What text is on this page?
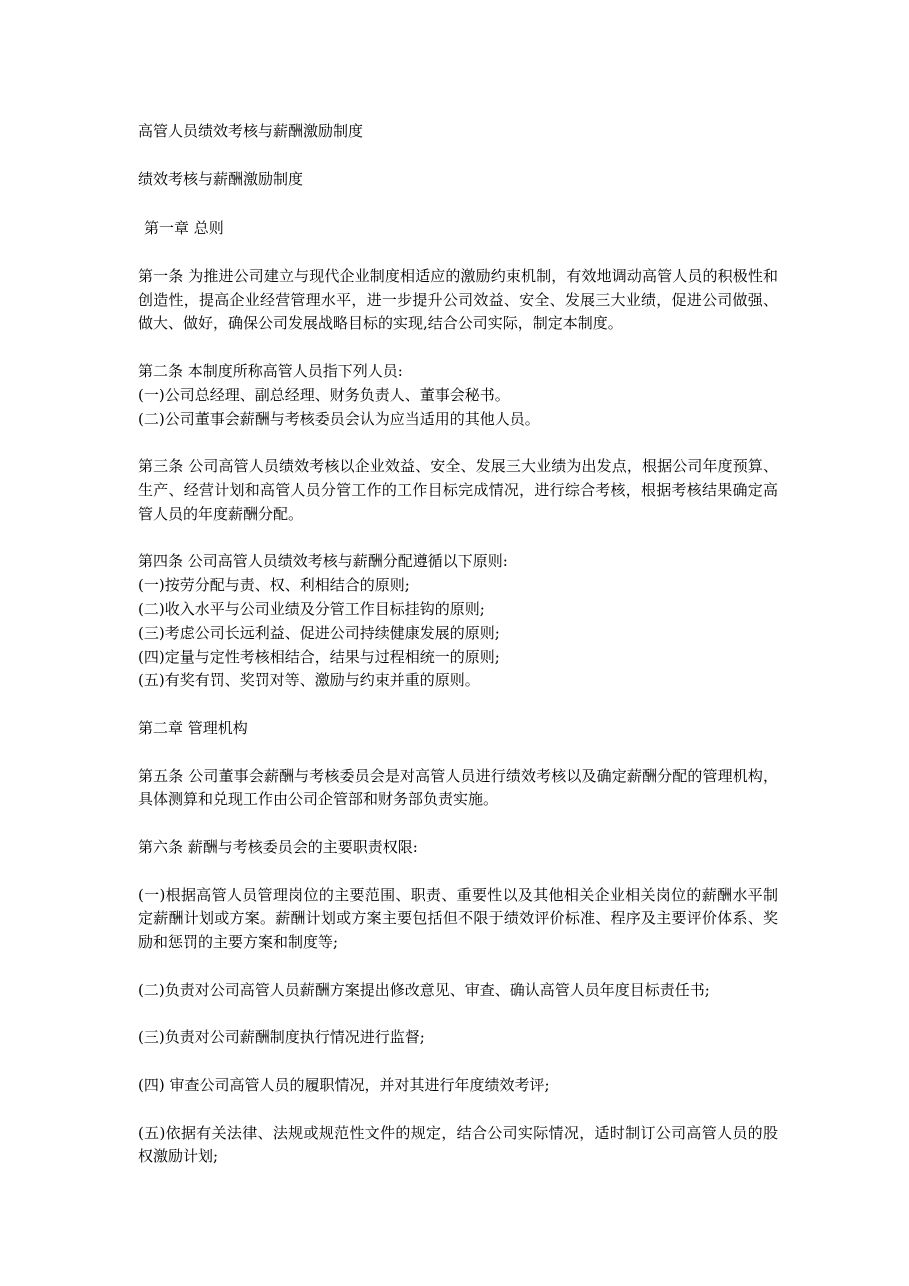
高管人员绩效考核与薪酬激励制度

绩效考核与薪酬激励制度

第一章 总则

第一条 为推进公司建立与现代企业制度相适应的激励约束机制，有效地调动高管人员的积极性和创造性，提高企业经营管理水平，进一步提升公司效益、安全、发展三大业绩，促进公司做强、做大、做好，确保公司发展战略目标的实现,结合公司实际，制定本制度。

第二条 本制度所称高管人员指下列人员:

(一)公司总经理、副总经理、财务负责人、董事会秘书。

(二)公司董事会薪酬与考核委员会认为应当适用的其他人员。

第三条 公司高管人员绩效考核以企业效益、安全、发展三大业绩为出发点，根据公司年度预算、生产、经营计划和高管人员分管工作的工作目标完成情况，进行综合考核，根据考核结果确定高管人员的年度薪酬分配。

第四条 公司高管人员绩效考核与薪酬分配遵循以下原则:

(一)按劳分配与责、权、利相结合的原则;

(二)收入水平与公司业绩及分管工作目标挂钩的原则;

(三)考虑公司长远利益、促进公司持续健康发展的原则;

(四)定量与定性考核相结合，结果与过程相统一的原则;

(五)有奖有罚、奖罚对等、激励与约束并重的原则。

第二章 管理机构

第五条 公司董事会薪酬与考核委员会是对高管人员进行绩效考核以及确定薪酬分配的管理机构，具体测算和兑现工作由公司企管部和财务部负责实施。

第六条 薪酬与考核委员会的主要职责权限:

(一)根据高管人员管理岗位的主要范围、职责、重要性以及其他相关企业相关岗位的薪酬水平制定薪酬计划或方案。薪酬计划或方案主要包括但不限于绩效评价标准、程序及主要评价体系、奖励和惩罚的主要方案和制度等;

(二)负责对公司高管人员薪酬方案提出修改意见、审查、确认高管人员年度目标责任书;

(三)负责对公司薪酬制度执行情况进行监督;

(四) 审查公司高管人员的履职情况，并对其进行年度绩效考评;

(五)依据有关法律、法规或规范性文件的规定，结合公司实际情况，适时制订公司高管人员的股权激励计划;
